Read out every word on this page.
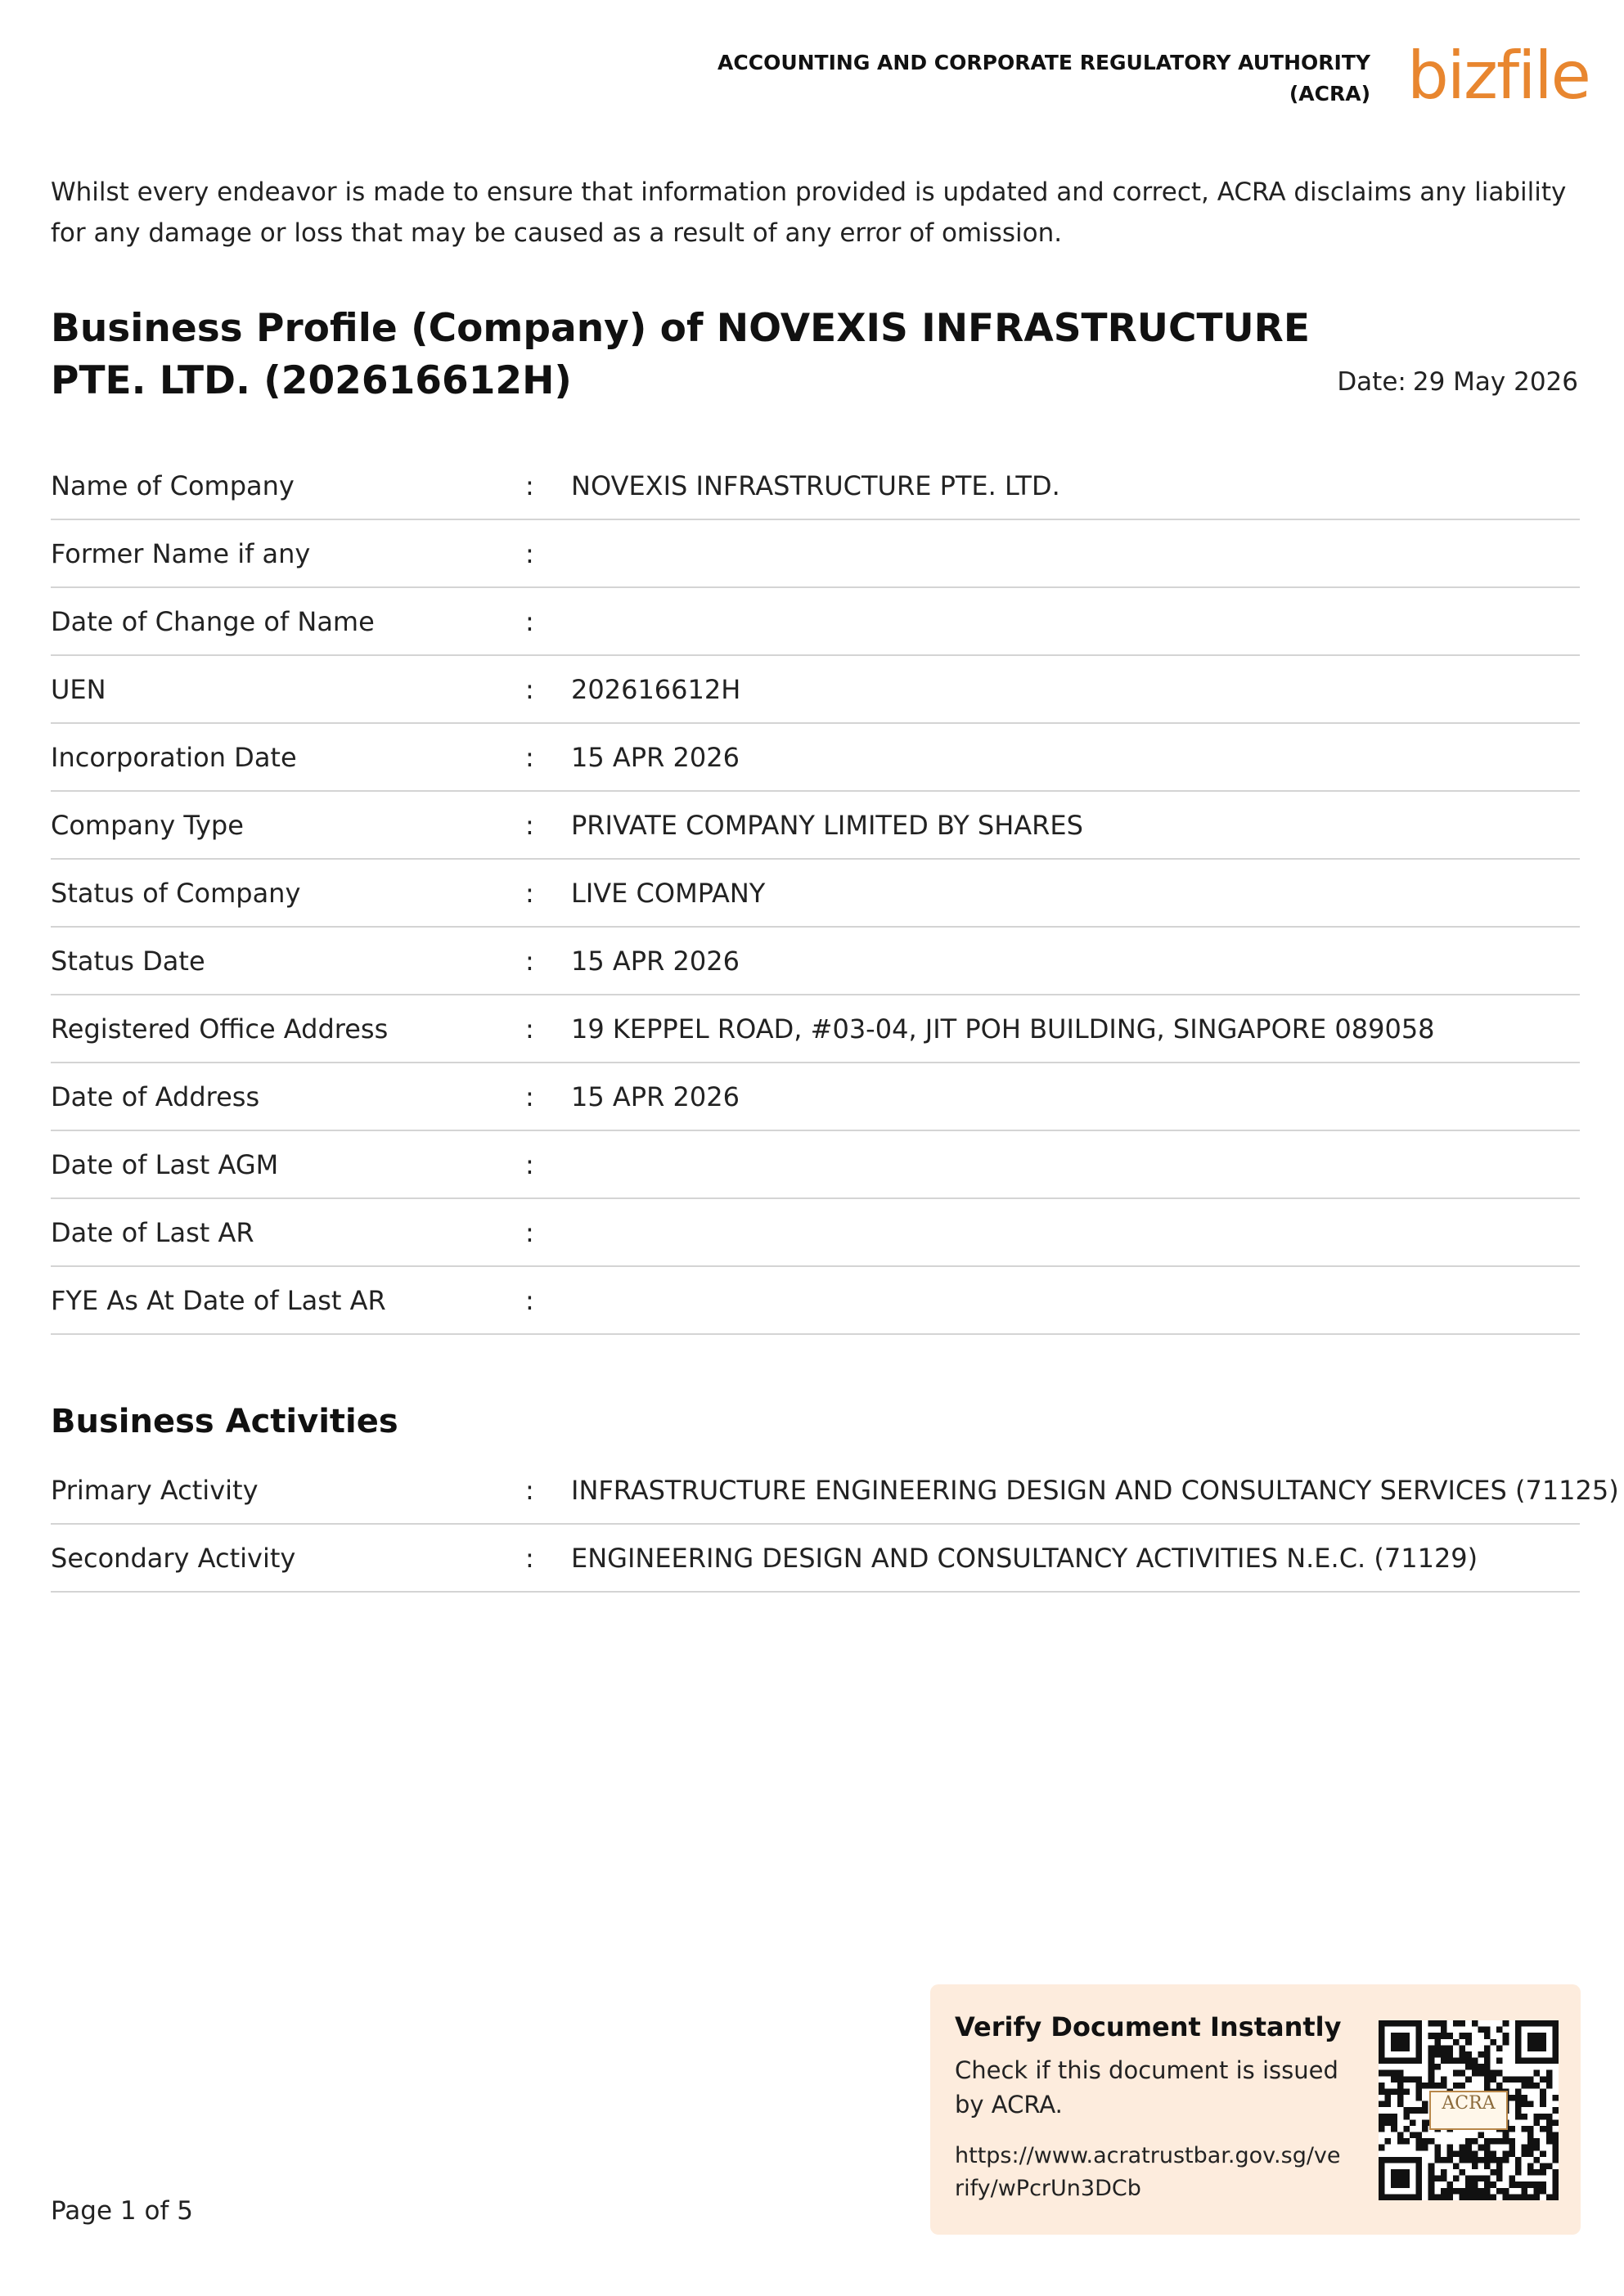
ACCOUNTING AND CORPORATE REGULATORY AUTHORITY
(ACRA) bizfile

Whilst every endeavor is made to ensure that information provided is updated and correct, ACRA disclaims any liability for any damage or loss that may be caused as a result of any error of omission.

Business Profile (Company) of NOVEXIS INFRASTRUCTURE PTE. LTD. (202616612H)	Date: 29 May 2026
Name of Company	: NOVEXIS INFRASTRUCTURE PTE. LTD.
Former Name if any	:
Date of Change of Name	:
UEN	: 202616612H
Incorporation Date	: 15 APR 2026
Company Type	: PRIVATE COMPANY LIMITED BY SHARES
Status of Company	: LIVE COMPANY
Status Date	: 15 APR 2026
Registered Office Address	: 19 KEPPEL ROAD, #03-04, JIT POH BUILDING, SINGAPORE 089058
Date of Address	: 15 APR 2026
Date of Last AGM	:
Date of Last AR	:
FYE As At Date of Last AR	:
Business Activities
Primary Activity	: INFRASTRUCTURE ENGINEERING DESIGN AND CONSULTANCY SERVICES (71125)
Secondary Activity	: ENGINEERING DESIGN AND CONSULTANCY ACTIVITIES N.E.C. (71129)
Page 1 of 5
Verify Document Instantly
Check if this document is issued by ACRA.
https://www.acratrustbar.gov.sg/verify/wPcrUn3DCb
ACRA
